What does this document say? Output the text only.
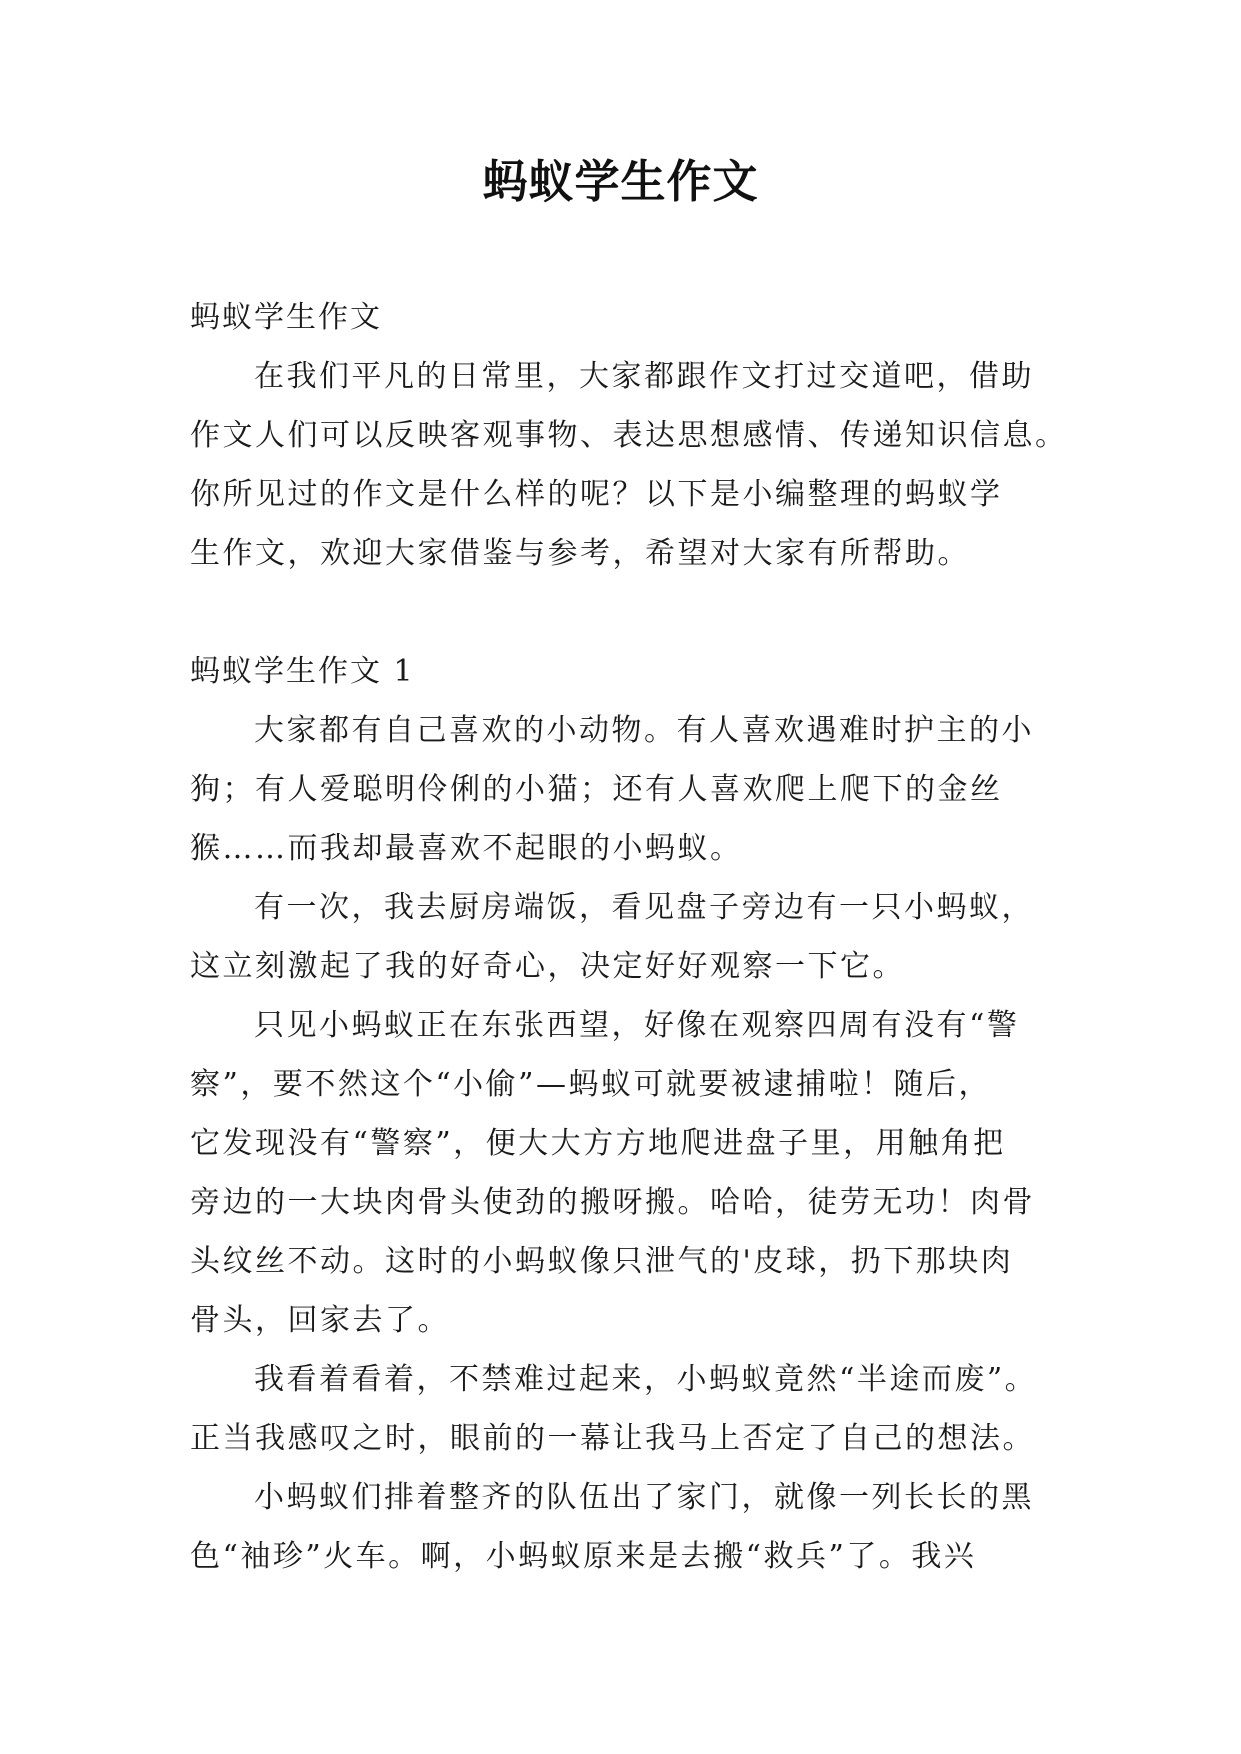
蚂蚁学生作文

蚂蚁学生作文

在我们平凡的日常里，大家都跟作文打过交道吧，借助
作文人们可以反映客观事物、表达思想感情、传递知识信息。
你所见过的作文是什么样的呢？以下是小编整理的蚂蚁学
生作文，欢迎大家借鉴与参考，希望对大家有所帮助。

蚂蚁学生作文 1

大家都有自己喜欢的小动物。有人喜欢遇难时护主的小
狗；有人爱聪明伶俐的小猫；还有人喜欢爬上爬下的金丝
猴……而我却最喜欢不起眼的小蚂蚁。

有一次，我去厨房端饭，看见盘子旁边有一只小蚂蚁，
这立刻激起了我的好奇心，决定好好观察一下它。

只见小蚂蚁正在东张西望，好像在观察四周有没有“警
察”，要不然这个“小偷”—蚂蚁可就要被逮捕啦！随后，
它发现没有“警察”，便大大方方地爬进盘子里，用触角把
旁边的一大块肉骨头使劲的搬呀搬。哈哈，徒劳无功！肉骨
头纹丝不动。这时的小蚂蚁像只泄气的'皮球，扔下那块肉
骨头，回家去了。

我看着看着，不禁难过起来，小蚂蚁竟然“半途而废”。
正当我感叹之时，眼前的一幕让我马上否定了自己的想法。

小蚂蚁们排着整齐的队伍出了家门，就像一列长长的黑
色“袖珍”火车。啊，小蚂蚁原来是去搬“救兵”了。我兴
